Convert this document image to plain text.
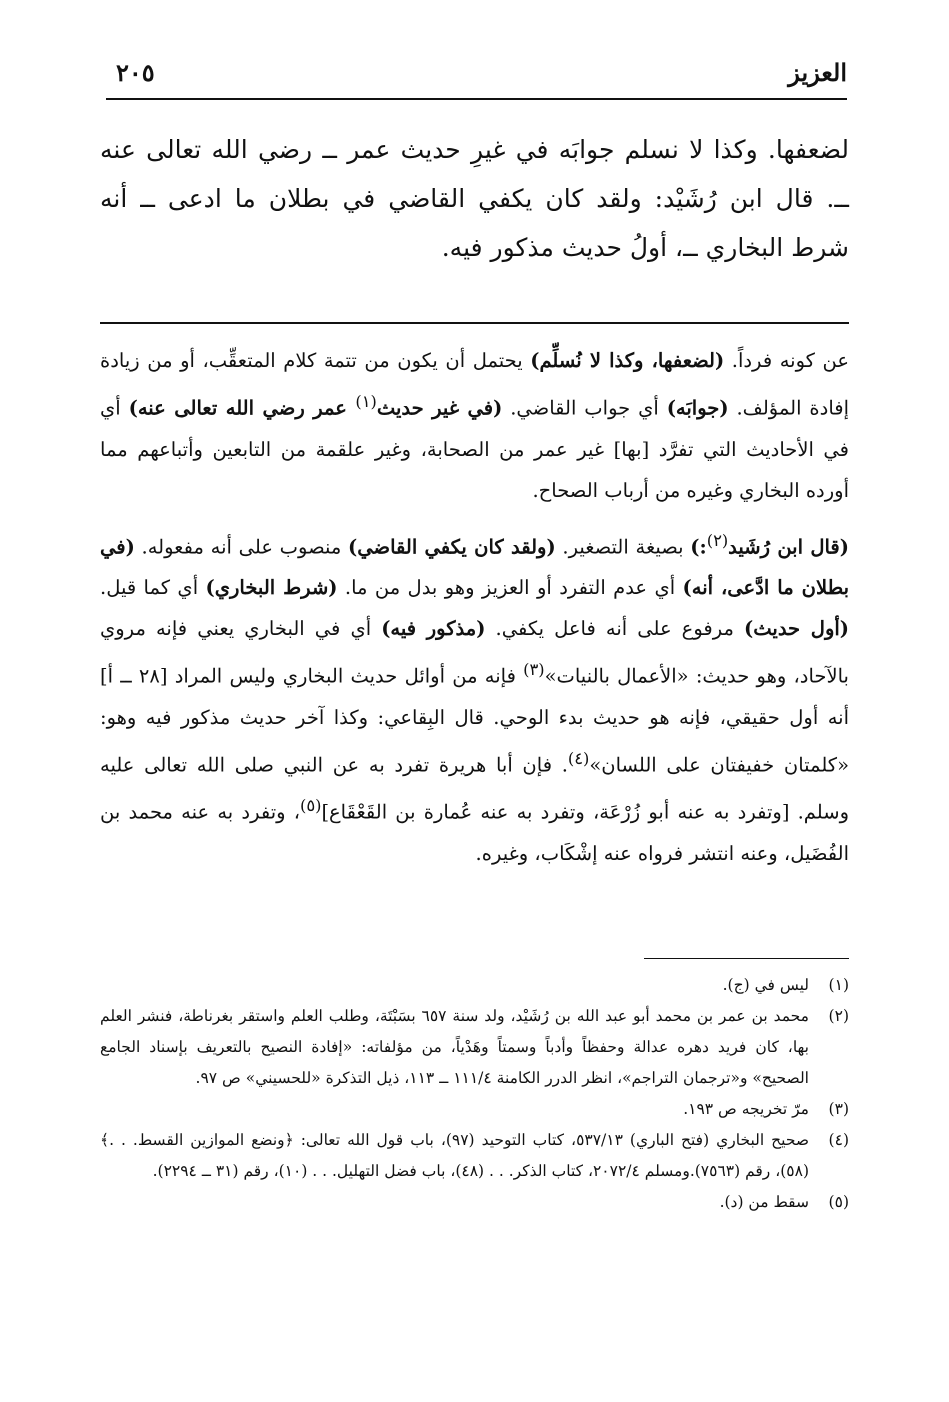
العزيز
٢٠٥

لضعفها. وكذا لا نسلم جوابَه في غيرِ حديث عمر ــ رضي الله تعالى عنه ــ. قال ابن رُشَيْد: ولقد كان يكفي القاضي في بطلان ما ادعى ــ أنه شرط البخاري ــ، أولُ حديث مذكور فيه.

عن كونه فرداً. (لضعفها، وكذا لا نُسلِّم) يحتمل أن يكون من تتمة كلام المتعقِّب، أو من زيادة إفادة المؤلف. (جوابَه) أي جواب القاضي. (في غير حديث$^{(١)}$ عمر رضي الله تعالى عنه) أي في الأحاديث التي تفرَّد [بها] غير عمر من الصحابة، وغير علقمة من التابعين وأتباعهم مما أورده البخاري وغيره من أرباب الصحاح.

(قال ابن رُشَيد$^{(٢)}$:) بصيغة التصغير. (ولقد كان يكفي القاضي) منصوب على أنه مفعوله. (في بطلان ما ادَّعى، أنه) أي عدم التفرد أو العزيز وهو بدل من ما. (شرط البخاري) أي كما قيل. (أول حديث) مرفوع على أنه فاعل يكفي. (مذكور فيه) أي في البخاري يعني فإنه مروي بالآحاد، وهو حديث: «الأعمال بالنيات»$^{(٣)}$ فإنه من أوائل حديث البخاري وليس المراد [٢٨ ــ أ] أنه أول حقيقي، فإنه هو حديث بدء الوحي. قال البِقاعي: وكذا آخر حديث مذكور فيه وهو: «كلمتان خفيفتان على اللسان»$^{(٤)}$. فإن أبا هريرة تفرد به عن النبي صلى الله تعالى عليه وسلم. [وتفرد به عنه أبو زُرْعَة، وتفرد به عنه عُمارة بن القَعْقَاع]$^{(٥)}$، وتفرد به عنه محمد بن الفُضَيل، وعنه انتشر فرواه عنه إشْكَاب، وغيره.

(١)
ليس في (ج).
(٢)
محمد بن عمر بن محمد أبو عبد الله بن رُشَيْد، ولد سنة ٦٥٧ بسَبْتَة، وطلب العلم واستقر بغرناطة، فنشر العلم بها، كان فريد دهره عدالة وحفظاً وأدباً وسمتاً وهَدْياً، من مؤلفاته: «إفادة النصيح بالتعريف بإسناد الجامع الصحيح» و«ترجمان التراجم»، انظر الدرر الكامنة ١١١/٤ ــ ١١٣، ذيل التذكرة «للحسيني» ص ٩٧.
(٣)
مرّ تخريجه ص ١٩٣.
(٤)
صحيح البخاري (فتح الباري) ٥٣٧/١٣، كتاب التوحيد (٩٧)، باب قول الله تعالى: ﴿ونضع الموازين القسط. . .﴾ (٥٨)، رقم (٧٥٦٣).ومسلم ٢٠٧٢/٤، كتاب الذكر. . . (٤٨)، باب فضل التهليل. . . (١٠)، رقم (٣١ ــ ٢٢٩٤).
(٥)
سقط من (د).
